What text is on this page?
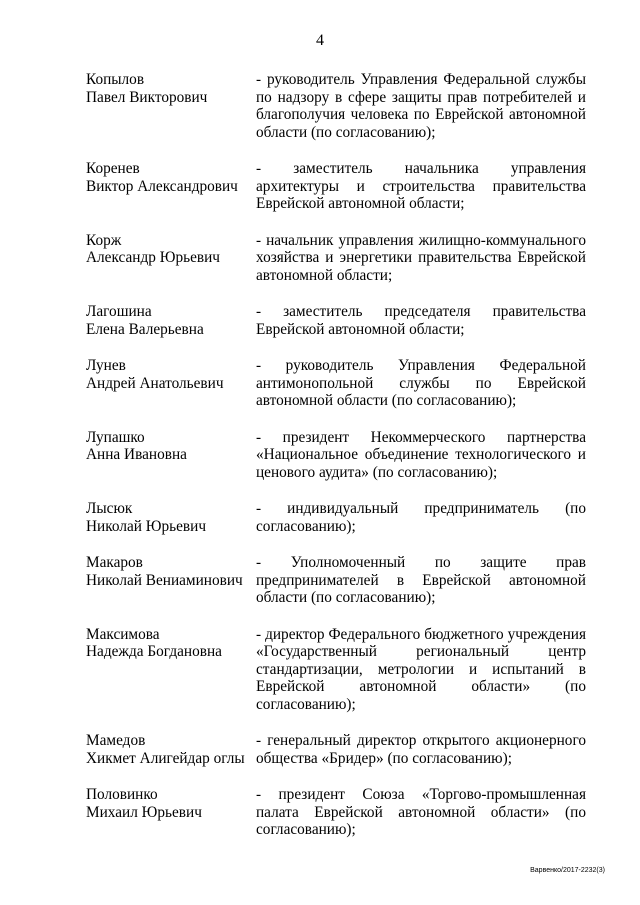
4
Копылов
Павел Викторович
- руководитель Управления Федеральной службы по надзору в сфере защиты прав потребителей и благополучия человека по Еврейской автономной области (по согласованию);
Коренев
Виктор Александрович
- заместитель начальника управления архитектуры и строительства правительства Еврейской автономной области;
Корж
Александр Юрьевич
- начальник управления жилищно-коммунального хозяйства и энергетики правительства Еврейской автономной области;
Лагошина
Елена Валерьевна
- заместитель председателя правительства Еврейской автономной области;
Лунев
Андрей Анатольевич
- руководитель Управления Федеральной антимонопольной службы по Еврейской автономной области (по согласованию);
Лупашко
Анна Ивановна
- президент Некоммерческого партнерства «Национальное объединение технологического и ценового аудита» (по согласованию);
Лысюк
Николай Юрьевич
- индивидуальный предприниматель (по согласованию);
Макаров
Николай Вениаминович
- Уполномоченный по защите прав предпринимателей в Еврейской автономной области (по согласованию);
Максимова
Надежда Богдановна
- директор Федерального бюджетного учреждения «Государственный региональный центр стандартизации, метрологии и испытаний в Еврейской автономной области» (по согласованию);
Мамедов
Хикмет Алигейдар оглы
- генеральный директор открытого акционерного общества «Бридер» (по согласованию);
Половинко
Михаил Юрьевич
- президент Союза «Торгово-промышленная палата Еврейской автономной области» (по согласованию);
Варвенко/2017-2232(3)
